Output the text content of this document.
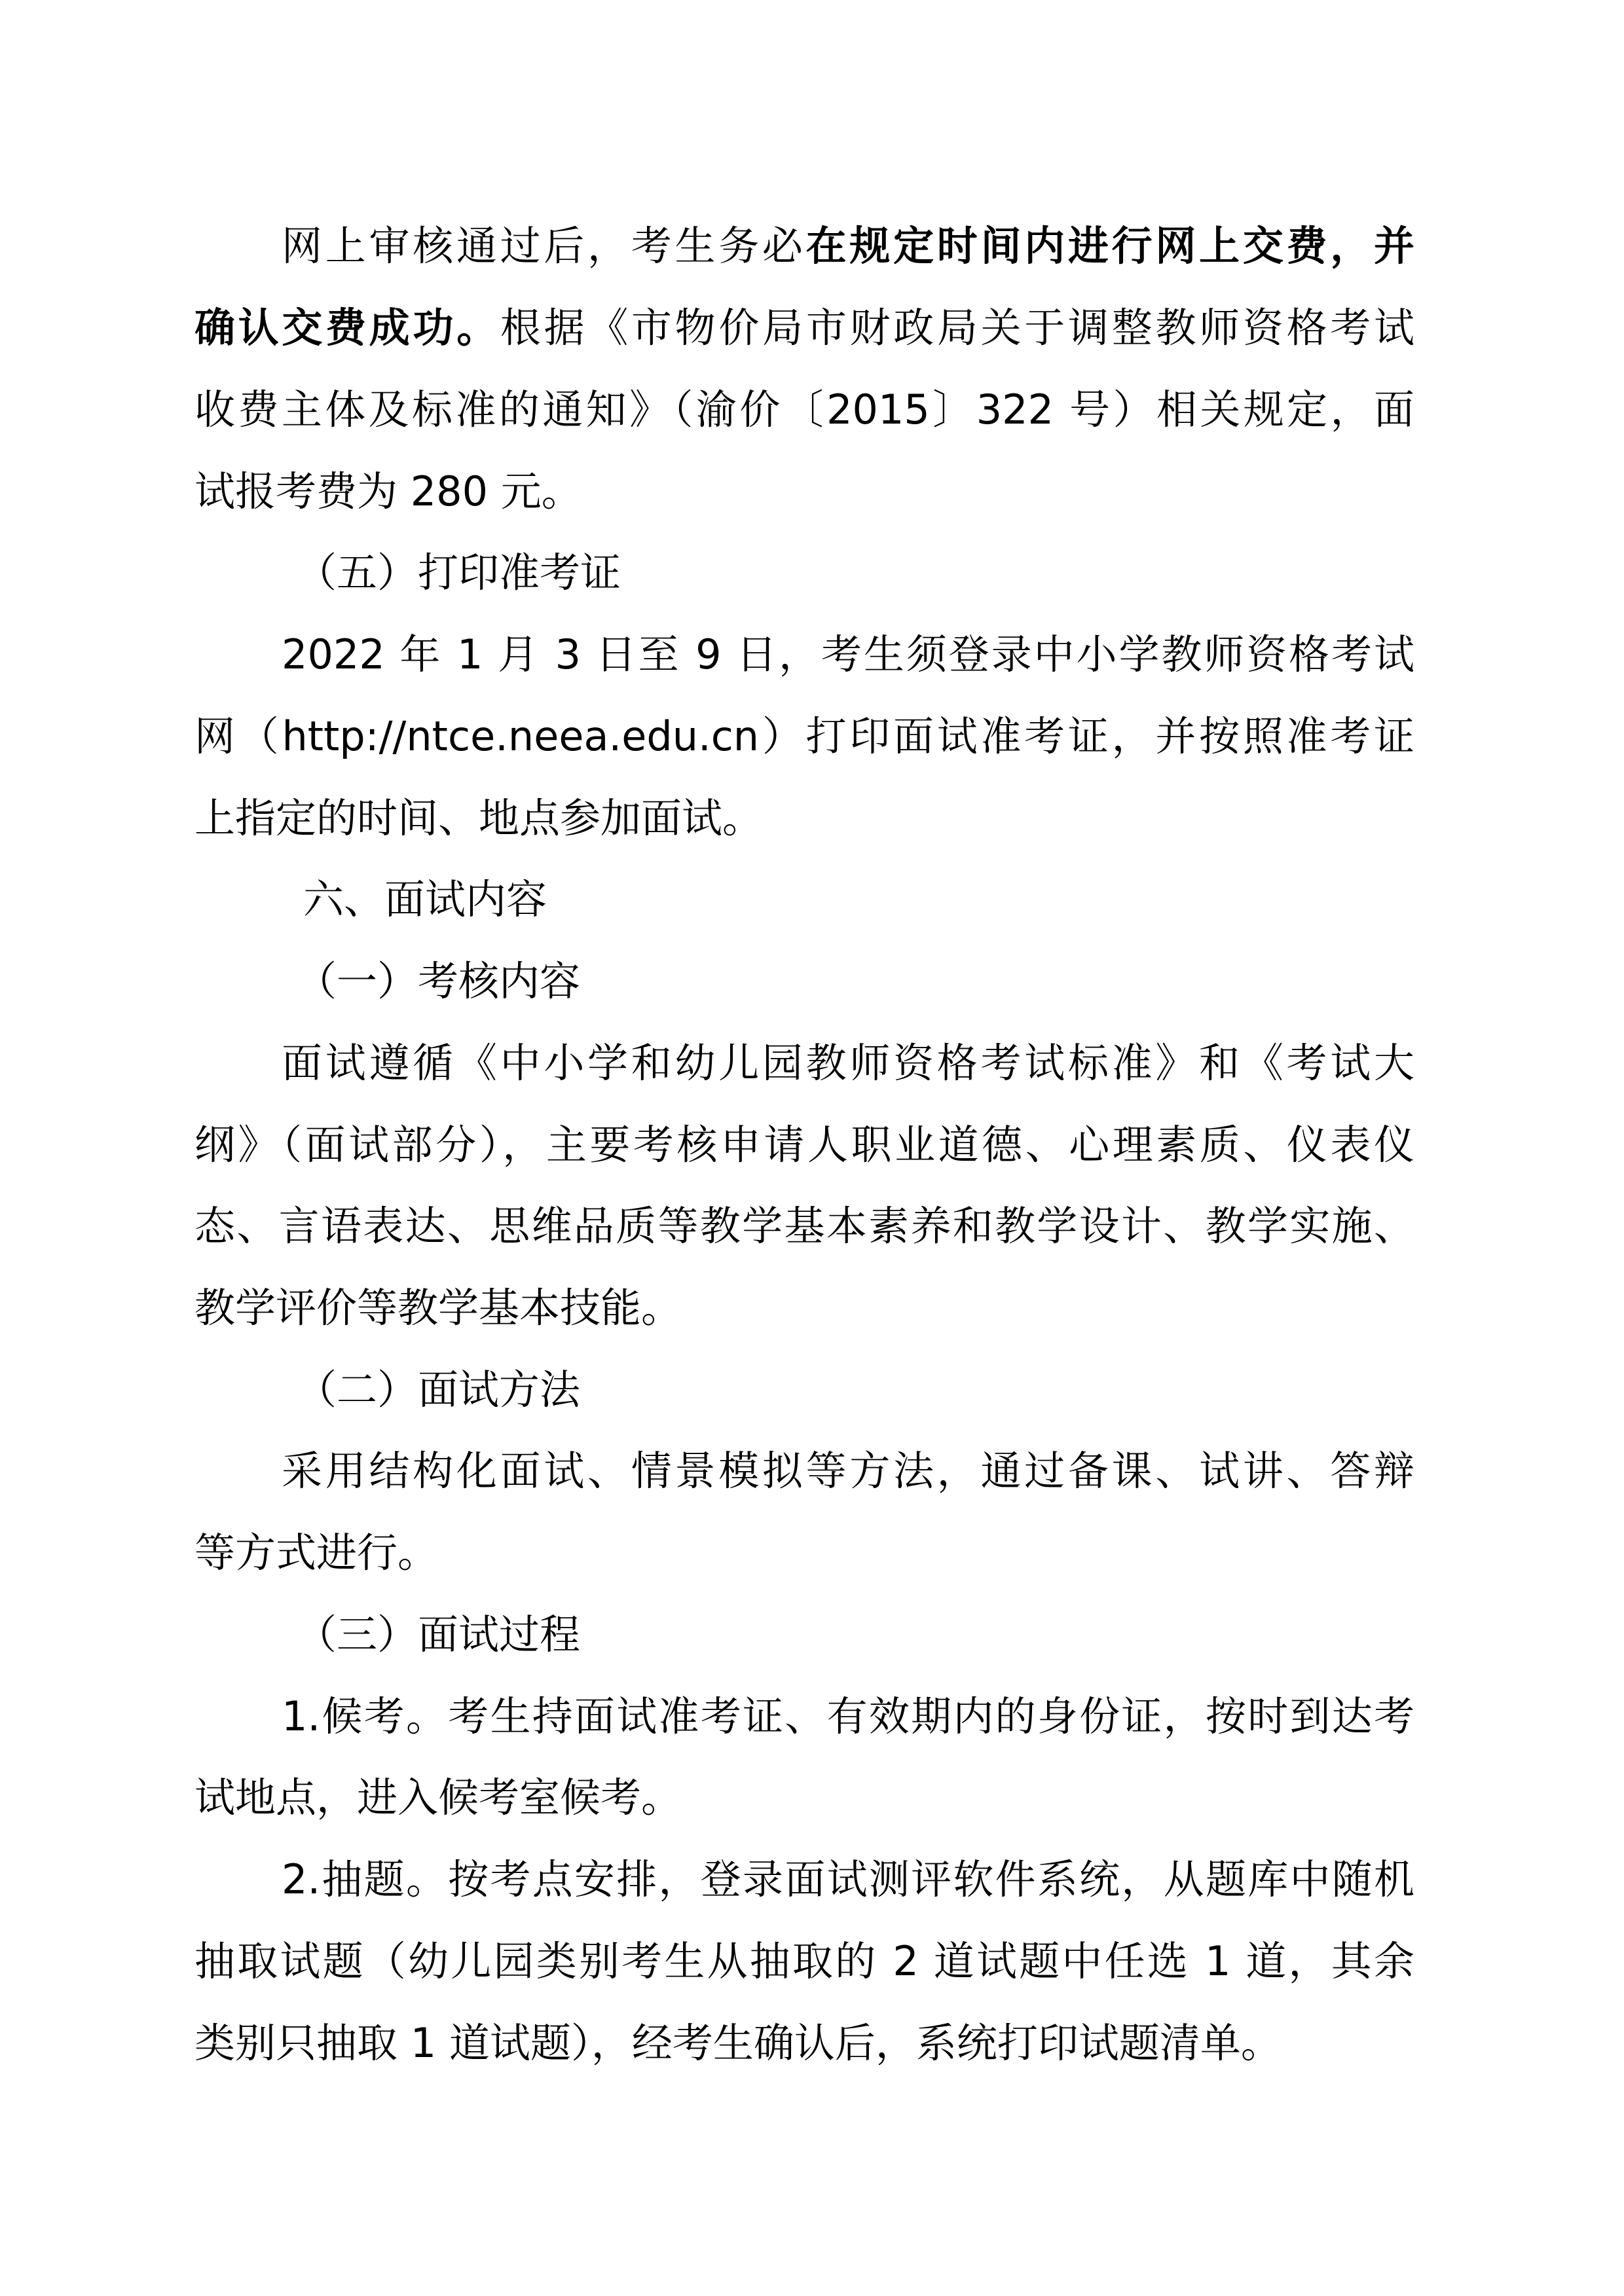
网上审核通过后，考生务必在规定时间内进行网上交费，并

确认交费成功。根据《市物价局市财政局关于调整教师资格考试

收费主体及标准的通知》（渝价〔2015〕322 号）相关规定，面

试报考费为 280 元。

（五）打印准考证

2022 年 1 月 3 日至 9 日，考生须登录中小学教师资格考试

网（http://ntce.neea.edu.cn）打印面试准考证，并按照准考证

上指定的时间、地点参加面试。

六、面试内容

（一）考核内容

面试遵循《中小学和幼儿园教师资格考试标准》和《考试大

纲》（面试部分），主要考核申请人职业道德、心理素质、仪表仪

态、言语表达、思维品质等教学基本素养和教学设计、教学实施、

教学评价等教学基本技能。

（二）面试方法

采用结构化面试、情景模拟等方法，通过备课、试讲、答辩

等方式进行。

（三）面试过程

1.候考。考生持面试准考证、有效期内的身份证，按时到达考

试地点，进入候考室候考。

2.抽题。按考点安排，登录面试测评软件系统，从题库中随机

抽取试题（幼儿园类别考生从抽取的 2 道试题中任选 1 道，其余

类别只抽取 1 道试题），经考生确认后，系统打印试题清单。
